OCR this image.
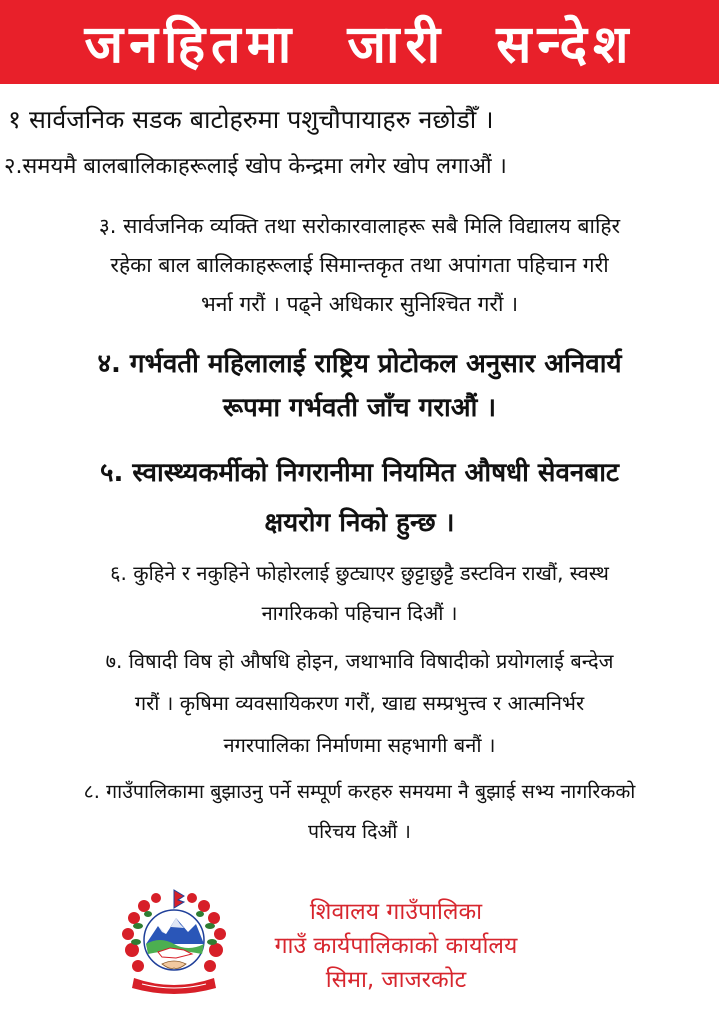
जनहितमा जारी सन्देश
१ सार्वजनिक सडक बाटोहरुमा पशुचौपायाहरु नछोडौँ ।
२.समयमै बालबालिकाहरूलाई खोप केन्द्रमा लगेर खोप लगाऔं ।
३. सार्वजनिक व्यक्ति तथा सरोकारवालाहरू सबै मिलि विद्यालय बाहिर
रहेका बाल बालिकाहरूलाई सिमान्तकृत तथा अपांगता पहिचान गरी
भर्ना गरौं । पढ्ने अधिकार सुनिश्चित गरौं ।
४. गर्भवती महिलालाई राष्ट्रिय प्रोटोकल अनुसार अनिवार्य
रूपमा गर्भवती जाँच गराऔं ।
५. स्वास्थ्यकर्मीको निगरानीमा नियमित औषधी सेवनबाट
क्षयरोग निको हुन्छ ।
६. कुहिने र नकुहिने फोहोरलाई छुट्याएर छुट्टाछुट्टै डस्टविन राखौं, स्वस्थ
नागरिकको पहिचान दिऔं ।
७. विषादी विष हो औषधि होइन, जथाभावि विषादीको प्रयोगलाई बन्देज
गरौं । कृषिमा व्यवसायिकरण गरौं, खाद्य सम्प्रभुत्त्व र आत्मनिर्भर
नगरपालिका निर्माणमा सहभागी बनौं ।
८. गाउँपालिकामा बुझाउनु पर्ने सम्पूर्ण करहरु समयमा नै बुझाई सभ्य नागरिकको
परिचय दिऔं ।
शिवालय गाउँपालिका
गाउँ कार्यपालिकाको कार्यालय
सिमा, जाजरकोट
